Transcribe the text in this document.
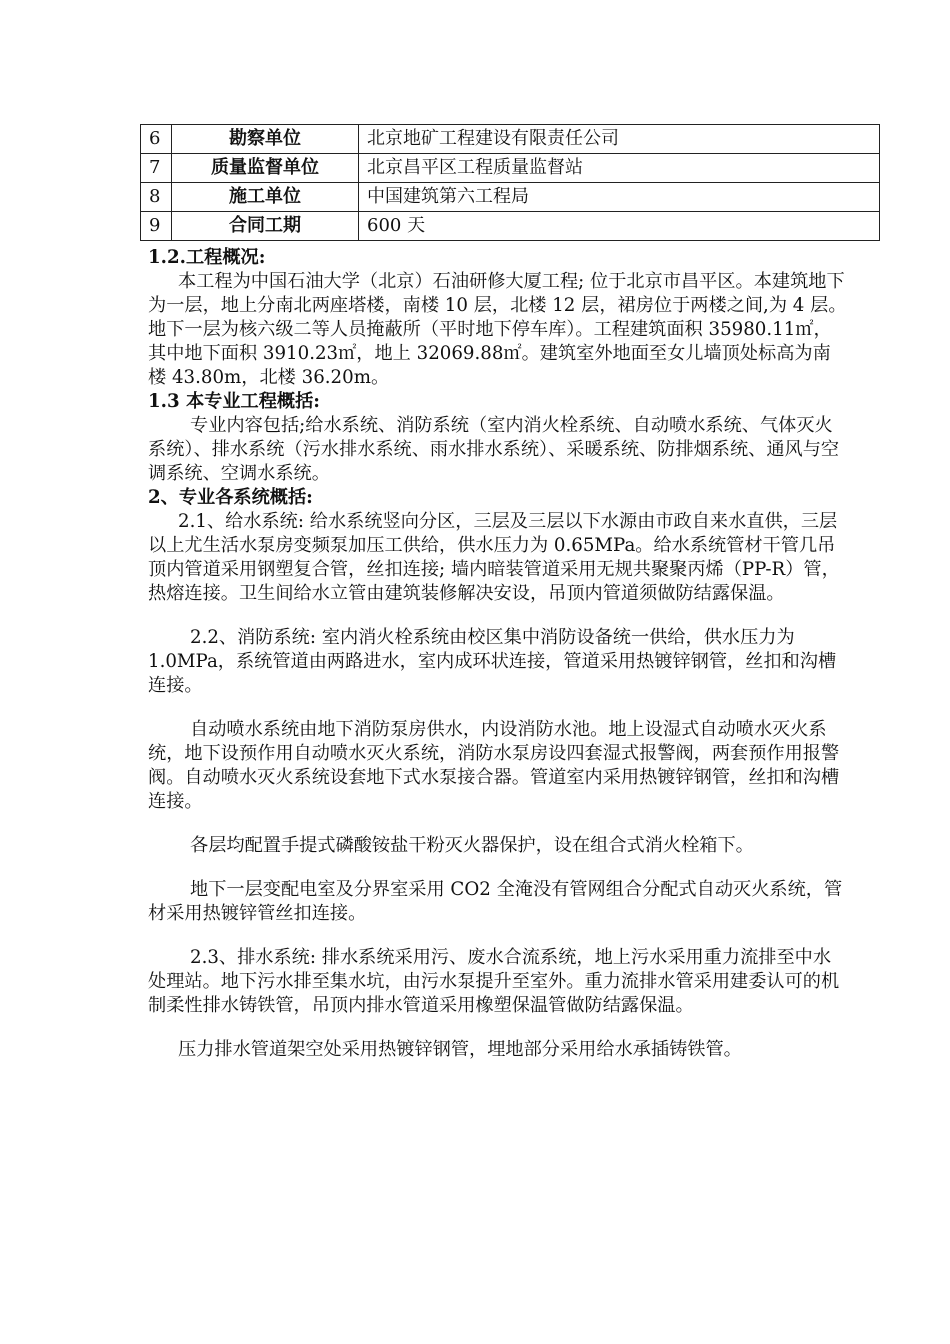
6	勘察单位	北京地矿工程建设有限责任公司
7	质量监督单位	北京昌平区工程质量监督站
8	施工单位	中国建筑第六工程局
9	合同工期	600 天

1.2.工程概况:

本工程为中国石油大学（北京）石油研修大厦工程; 位于北京市昌平区。本建筑地下为一层，地上分南北两座塔楼，南楼 10 层，北楼 12 层，裙房位于两楼之间,为 4 层。地下一层为核六级二等人员掩蔽所（平时地下停车库）。工程建筑面积 35980.11㎡，其中地下面积 3910.23㎡，地上 32069.88㎡。建筑室外地面至女儿墙顶处标高为南楼 43.80m，北楼 36.20m。

1.3 本专业工程概括:

专业内容包括;给水系统、消防系统（室内消火栓系统、自动喷水系统、气体灭火系统）、排水系统（污水排水系统、雨水排水系统）、采暖系统、防排烟系统、通风与空调系统、空调水系统。

2、专业各系统概括:

2.1、给水系统: 给水系统竖向分区，三层及三层以下水源由市政自来水直供，三层以上尤生活水泵房变频泵加压工供给，供水压力为 0.65MPa。给水系统管材干管几吊顶内管道采用钢塑复合管，丝扣连接; 墙内暗装管道采用无规共聚聚丙烯（PP-R）管，热熔连接。卫生间给水立管由建筑装修解决安设，吊顶内管道须做防结露保温。

2.2、消防系统: 室内消火栓系统由校区集中消防设备统一供给，供水压力为 1.0MPa，系统管道由两路进水，室内成环状连接，管道采用热镀锌钢管，丝扣和沟槽连接。

自动喷水系统由地下消防泵房供水，内设消防水池。地上设湿式自动喷水灭火系统，地下设预作用自动喷水灭火系统，消防水泵房设四套湿式报警阀，两套预作用报警阀。自动喷水灭火系统设套地下式水泵接合器。管道室内采用热镀锌钢管，丝扣和沟槽连接。

各层均配置手提式磷酸铵盐干粉灭火器保护，设在组合式消火栓箱下。

地下一层变配电室及分界室采用 CO2 全淹没有管网组合分配式自动灭火系统，管材采用热镀锌管丝扣连接。

2.3、排水系统: 排水系统采用污、废水合流系统，地上污水采用重力流排至中水处理站。地下污水排至集水坑，由污水泵提升至室外。重力流排水管采用建委认可的机制柔性排水铸铁管，吊顶内排水管道采用橡塑保温管做防结露保温。

压力排水管道架空处采用热镀锌钢管，埋地部分采用给水承插铸铁管。
